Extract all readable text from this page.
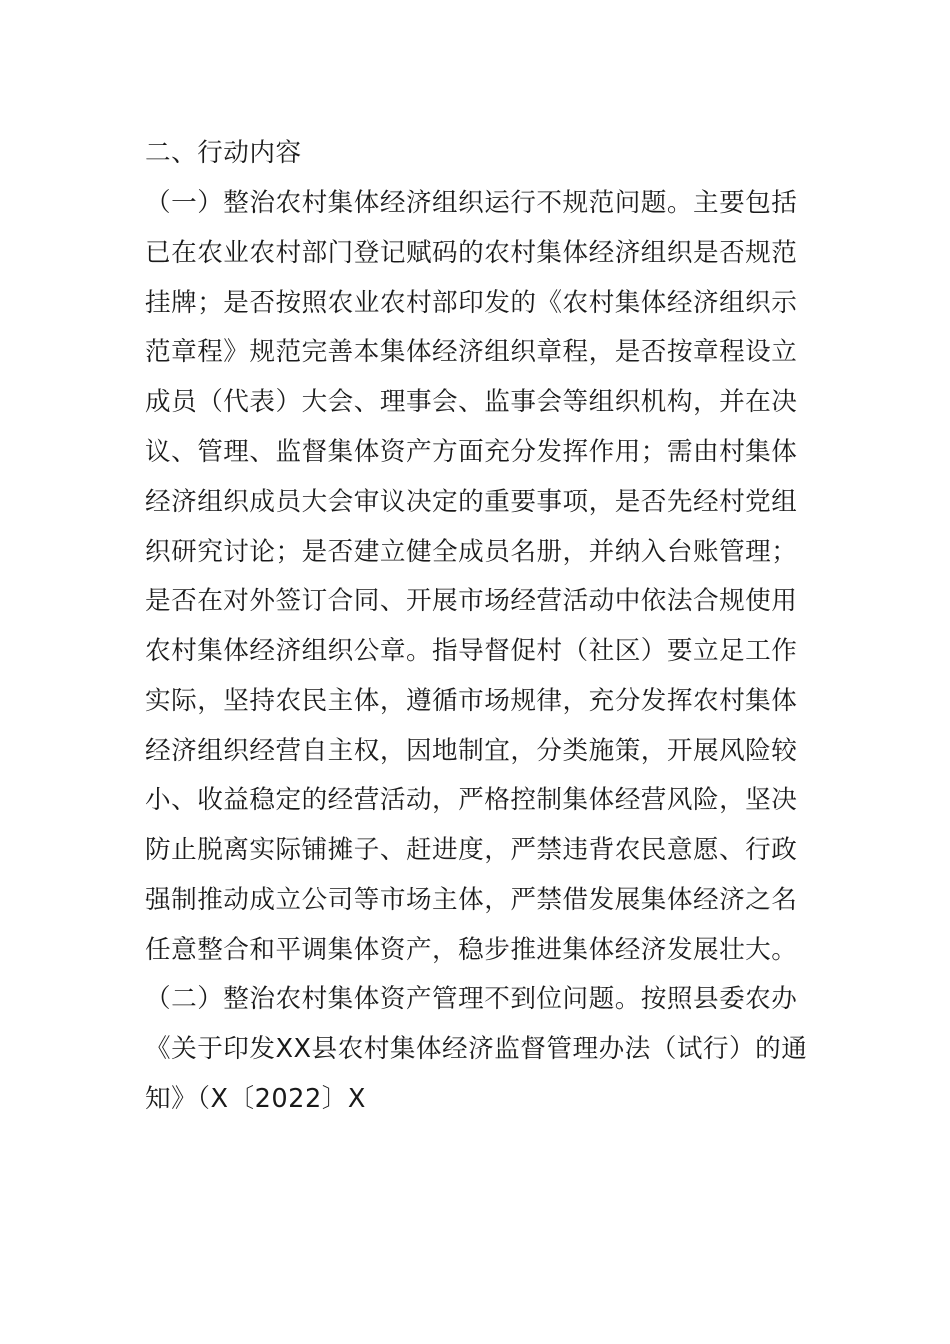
二、行动内容
（一）整治农村集体经济组织运行不规范问题。主要包括
已在农业农村部门登记赋码的农村集体经济组织是否规范
挂牌；是否按照农业农村部印发的《农村集体经济组织示
范章程》规范完善本集体经济组织章程，是否按章程设立
成员（代表）大会、理事会、监事会等组织机构，并在决
议、管理、监督集体资产方面充分发挥作用；需由村集体
经济组织成员大会审议决定的重要事项，是否先经村党组
织研究讨论；是否建立健全成员名册，并纳入台账管理；
是否在对外签订合同、开展市场经营活动中依法合规使用
农村集体经济组织公章。指导督促村（社区）要立足工作
实际，坚持农民主体，遵循市场规律，充分发挥农村集体
经济组织经营自主权，因地制宜，分类施策，开展风险较
小、收益稳定的经营活动，严格控制集体经营风险，坚决
防止脱离实际铺摊子、赶进度，严禁违背农民意愿、行政
强制推动成立公司等市场主体，严禁借发展集体经济之名
任意整合和平调集体资产，稳步推进集体经济发展壮大。
（二）整治农村集体资产管理不到位问题。按照县委农办
《关于印发XX县农村集体经济监督管理办法（试行）的通
知》（X〔2022〕X
